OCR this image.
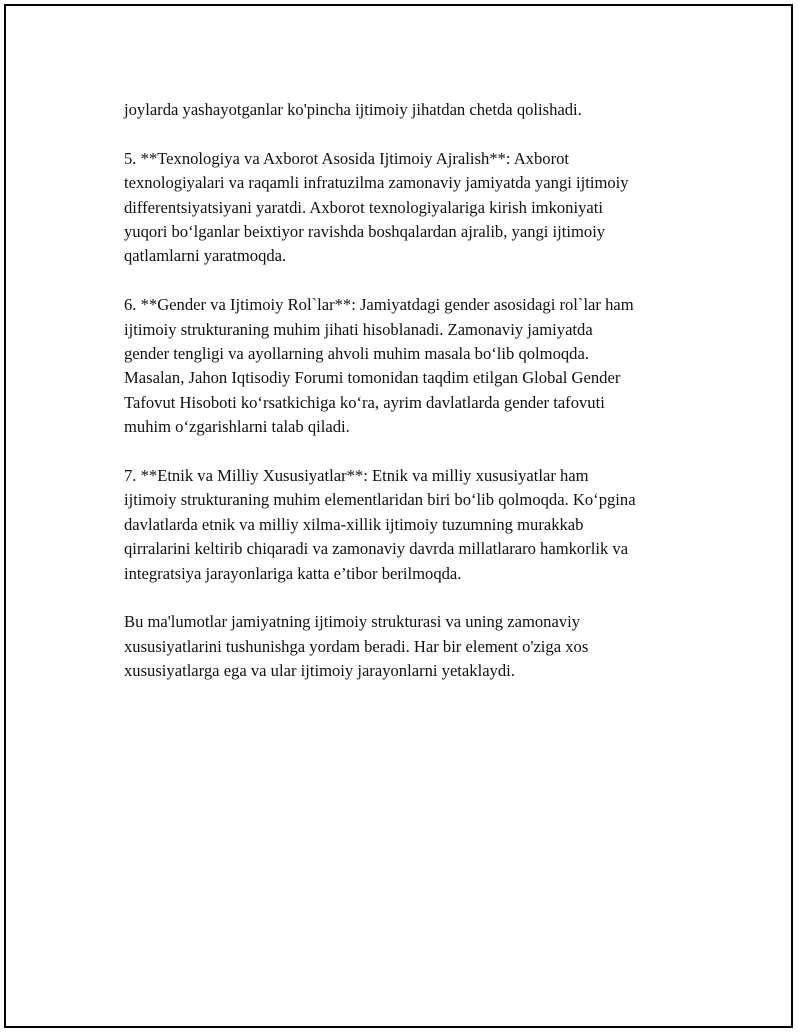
joylarda yashayotganlar ko'pincha ijtimoiy jihatdan chetda qolishadi.

5. **Texnologiya va Axborot Asosida Ijtimoiy Ajralish**: Axborot
texnologiyalari va raqamli infratuzilma zamonaviy jamiyatda yangi ijtimoiy
differentsiyatsiyani yaratdi. Axborot texnologiyalariga kirish imkoniyati
yuqori bo‘lganlar beixtiyor ravishda boshqalardan ajralib, yangi ijtimoiy
qatlamlarni yaratmoqda.

6. **Gender va Ijtimoiy Rol`lar**: Jamiyatdagi gender asosidagi rol`lar ham
ijtimoiy strukturaning muhim jihati hisoblanadi. Zamonaviy jamiyatda
gender tengligi va ayollarning ahvoli muhim masala bo‘lib qolmoqda.
Masalan, Jahon Iqtisodiy Forumi tomonidan taqdim etilgan Global Gender
Tafovut Hisoboti ko‘rsatkichiga ko‘ra, ayrim davlatlarda gender tafovuti
muhim o‘zgarishlarni talab qiladi.

7. **Etnik va Milliy Xususiyatlar**: Etnik va milliy xususiyatlar ham
ijtimoiy strukturaning muhim elementlaridan biri bo‘lib qolmoqda. Ko‘pgina
davlatlarda etnik va milliy xilma-xillik ijtimoiy tuzumning murakkab
qirralarini keltirib chiqaradi va zamonaviy davrda millatlararo hamkorlik va
integratsiya jarayonlariga katta e’tibor berilmoqda.

Bu ma'lumotlar jamiyatning ijtimoiy strukturasi va uning zamonaviy
xususiyatlarini tushunishga yordam beradi. Har bir element o'ziga xos
xususiyatlarga ega va ular ijtimoiy jarayonlarni yetaklaydi.
